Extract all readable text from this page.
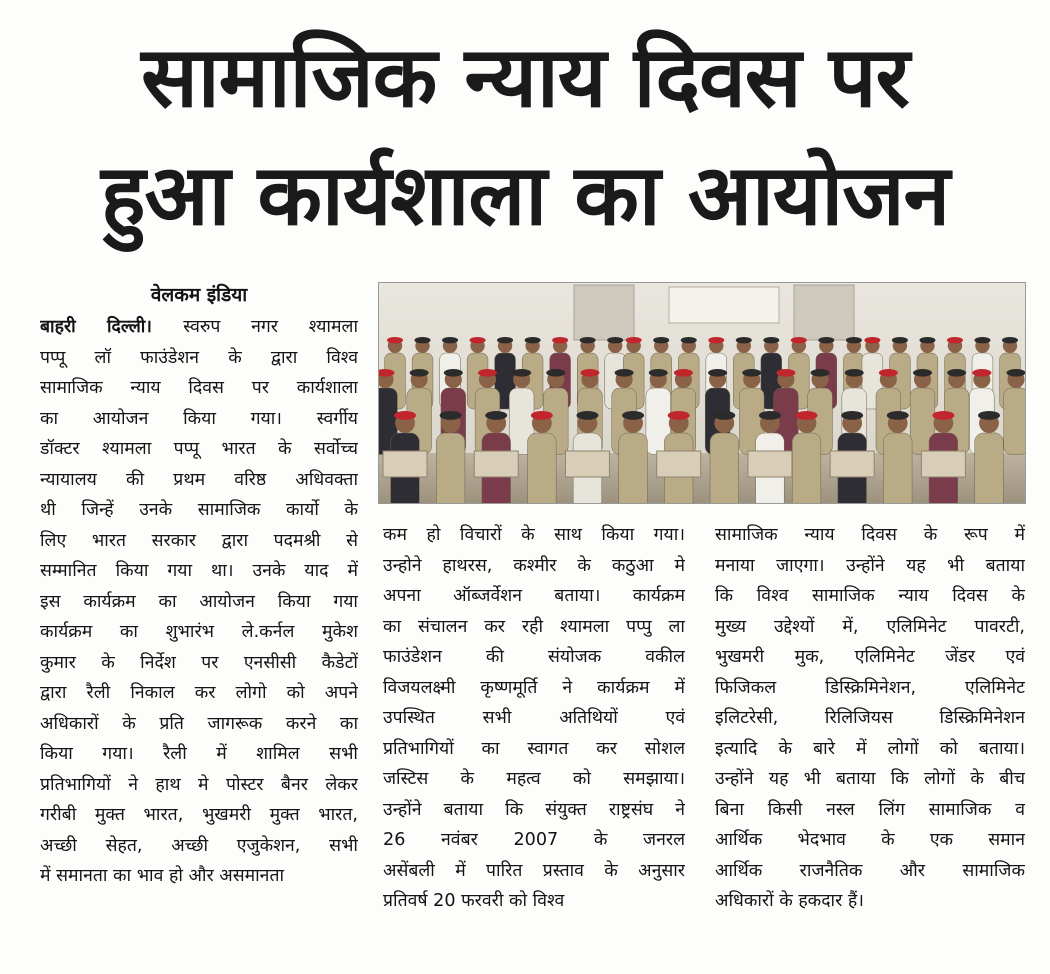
सामाजिक न्याय दिवस पर
हुआ कार्यशाला का आयोजन
वेलकम इंडिया
बाहरी दिल्ली। स्वरुप नगर श्यामला
पप्पू लॉ फाउंडेशन के द्वारा विश्व
सामाजिक न्याय दिवस पर कार्यशाला
का आयोजन किया गया। स्वर्गीय
डॉक्टर श्यामला पप्पू भारत के सर्वोच्च
न्यायालय की प्रथम वरिष्ठ अधिवक्ता
थी जिन्हें उनके सामाजिक कार्यो के
लिए भारत सरकार द्वारा पदमश्री से
सम्मानित किया गया था। उनके याद में
इस कार्यक्रम का आयोजन किया गया
कार्यक्रम का शुभारंभ ले.कर्नल मुकेश
कुमार के निर्देश पर एनसीसी कैडेटों
द्वारा रैली निकाल कर लोगो को अपने
अधिकारों के प्रति जागरूक करने का
किया गया। रैली में शामिल सभी
प्रतिभागियों ने हाथ मे पोस्टर बैनर लेकर
गरीबी मुक्त भारत, भुखमरी मुक्त भारत,
अच्छी सेहत, अच्छी एजुकेशन, सभी
में समानता का भाव हो और असमानता
कम हो विचारों के साथ किया गया।
उन्होने हाथरस, कश्मीर के कठुआ मे
अपना ऑब्जर्वेशन बताया। कार्यक्रम
का संचालन कर रही श्यामला पप्पु ला
फाउंडेशन की संयोजक वकील
विजयलक्ष्मी कृष्णमूर्ति ने कार्यक्रम में
उपस्थित सभी अतिथियों एवं
प्रतिभागियों का स्वागत कर सोशल
जस्टिस के महत्व को समझाया।
उन्होंने बताया कि संयुक्त राष्ट्रसंघ ने
26 नवंबर 2007 के जनरल
असेंबली में पारित प्रस्ताव के अनुसार
प्रतिवर्ष 20 फरवरी को विश्व
सामाजिक न्याय दिवस के रूप में
मनाया जाएगा। उन्होंने यह भी बताया
कि विश्व सामाजिक न्याय दिवस के
मुख्य उद्देश्यों में, एलिमिनेट पावरटी,
भुखमरी मुक, एलिमिनेट जेंडर एवं
फिजिकल डिस्क्रिमिनेशन, एलिमिनेट
इलिटरेसी, रिलिजियस डिस्क्रिमिनेशन
इत्यादि के बारे में लोगों को बताया।
उन्होंने यह भी बताया कि लोगों के बीच
बिना किसी नस्ल लिंग सामाजिक व
आर्थिक भेदभाव के एक समान
आर्थिक राजनैतिक और सामाजिक
अधिकारों के हकदार हैं।
